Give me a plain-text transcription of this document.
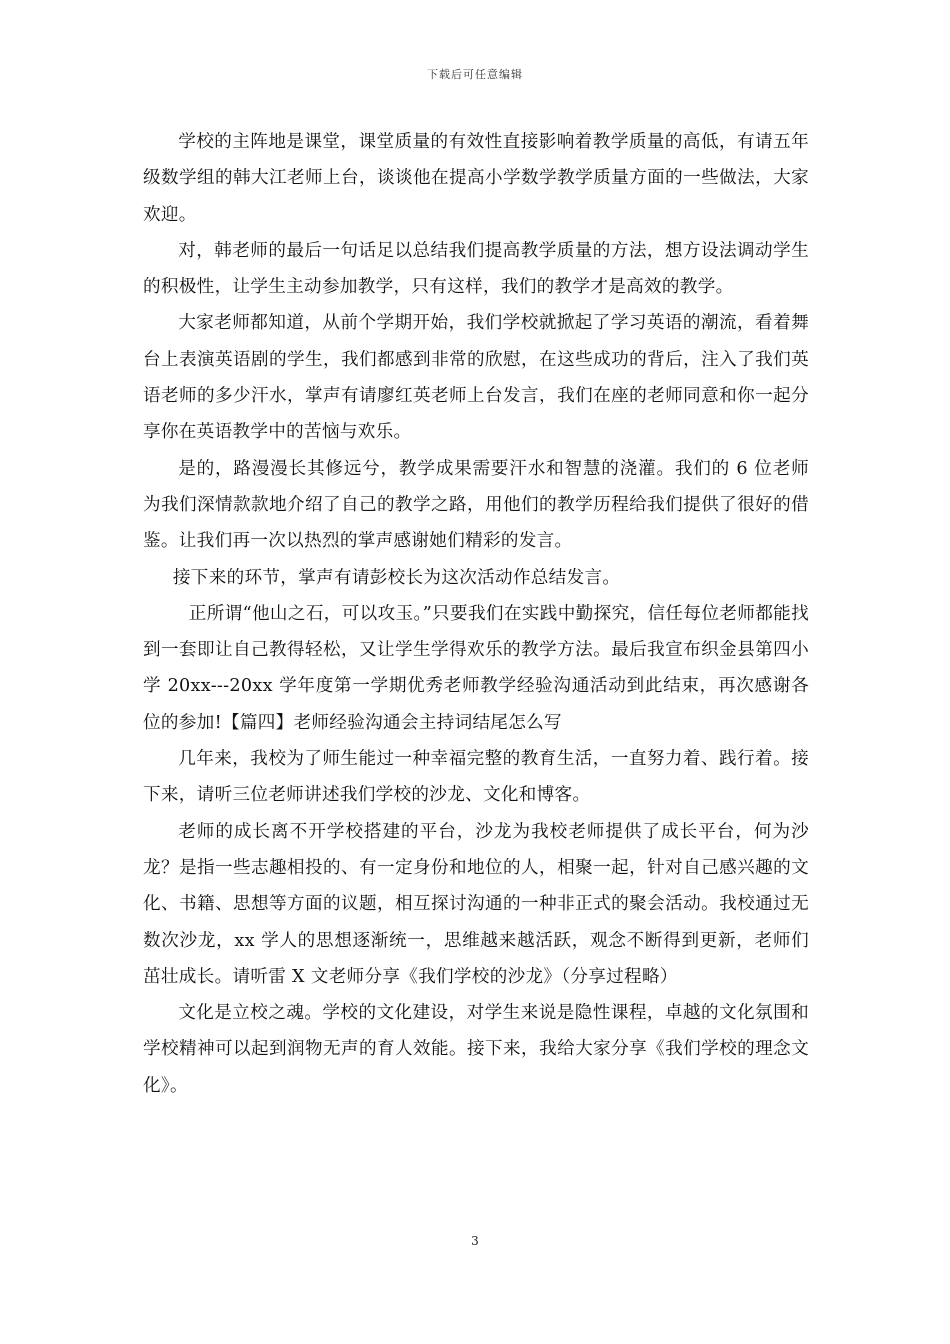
下载后可任意编辑

学校的主阵地是课堂，课堂质量的有效性直接影响着教学质量的高低，有请五年级数学组的韩大江老师上台，谈谈他在提高小学数学教学质量方面的一些做法，大家欢迎。

对，韩老师的最后一句话足以总结我们提高教学质量的方法，想方设法调动学生的积极性，让学生主动参加教学，只有这样，我们的教学才是高效的教学。

大家老师都知道，从前个学期开始，我们学校就掀起了学习英语的潮流，看着舞台上表演英语剧的学生，我们都感到非常的欣慰，在这些成功的背后，注入了我们英语老师的多少汗水，掌声有请廖红英老师上台发言，我们在座的老师同意和你一起分享你在英语教学中的苦恼与欢乐。

是的，路漫漫长其修远兮，教学成果需要汗水和智慧的浇灌。我们的 6 位老师为我们深情款款地介绍了自己的教学之路，用他们的教学历程给我们提供了很好的借鉴。让我们再一次以热烈的掌声感谢她们精彩的发言。

接下来的环节，掌声有请彭校长为这次活动作总结发言。

正所谓“他山之石，可以攻玉。”只要我们在实践中勤探究，信任每位老师都能找到一套即让自己教得轻松，又让学生学得欢乐的教学方法。最后我宣布织金县第四小学 20xx---20xx 学年度第一学期优秀老师教学经验沟通活动到此结束，再次感谢各位的参加!【篇四】老师经验沟通会主持词结尾怎么写

几年来，我校为了师生能过一种幸福完整的教育生活，一直努力着、践行着。接下来，请听三位老师讲述我们学校的沙龙、文化和博客。

老师的成长离不开学校搭建的平台，沙龙为我校老师提供了成长平台，何为沙龙？是指一些志趣相投的、有一定身份和地位的人，相聚一起，针对自己感兴趣的文化、书籍、思想等方面的议题，相互探讨沟通的一种非正式的聚会活动。我校通过无数次沙龙，xx 学人的思想逐渐统一，思维越来越活跃，观念不断得到更新，老师们茁壮成长。请听雷 X 文老师分享《我们学校的沙龙》（分享过程略）

文化是立校之魂。学校的文化建设，对学生来说是隐性课程，卓越的文化氛围和学校精神可以起到润物无声的育人效能。接下来，我给大家分享《我们学校的理念文化》。

3
